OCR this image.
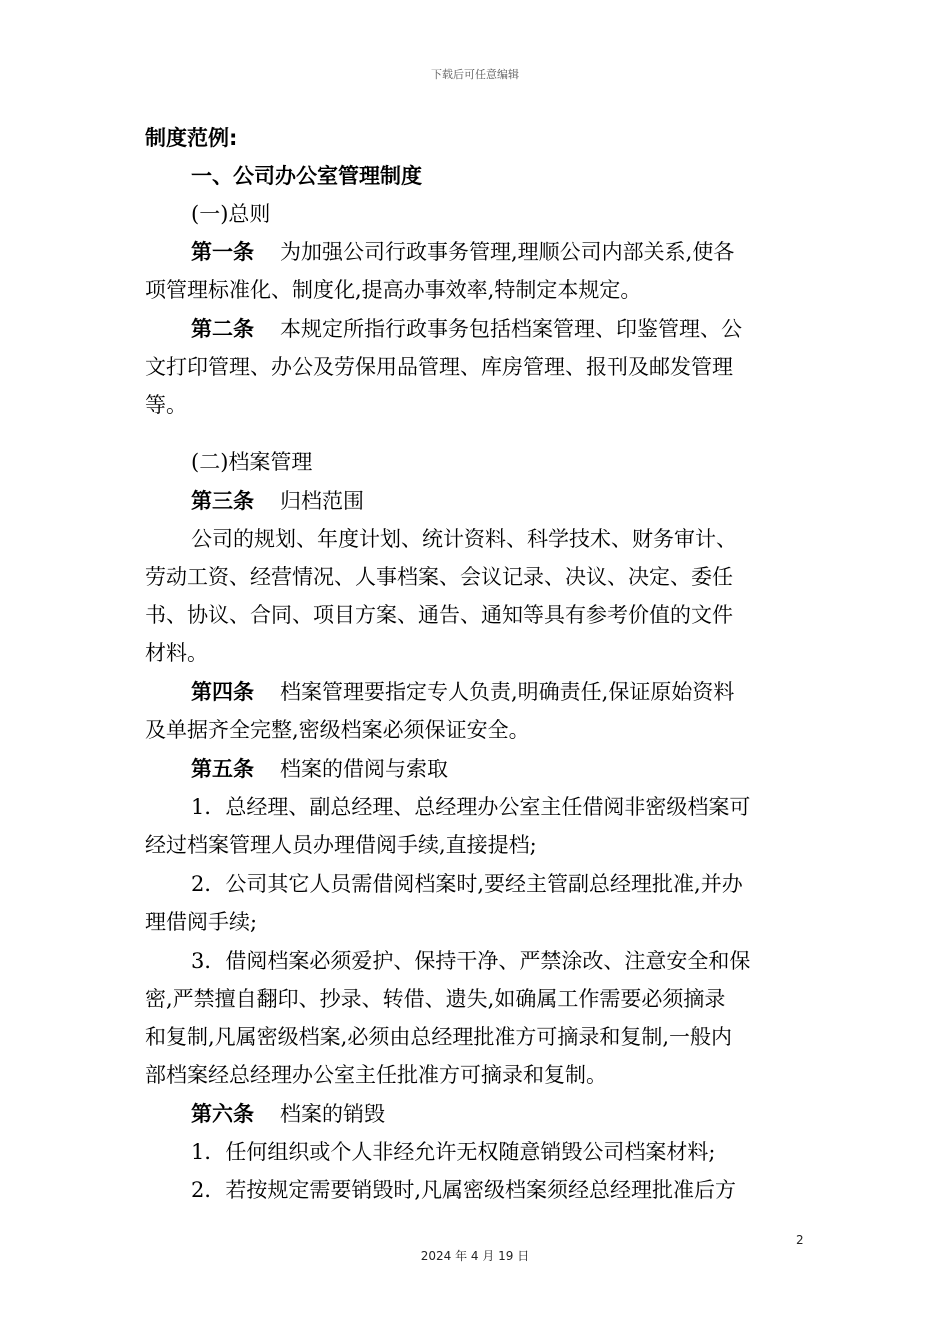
下载后可任意编辑
制度范例:
一、公司办公室管理制度
(一)总则
第一条 为加强公司行政事务管理,理顺公司内部关系,使各
项管理标准化、制度化,提高办事效率,特制定本规定。
第二条 本规定所指行政事务包括档案管理、印鉴管理、公
文打印管理、办公及劳保用品管理、库房管理、报刊及邮发管理
等。
(二)档案管理
第三条 归档范围
公司的规划、年度计划、统计资料、科学技术、财务审计、
劳动工资、经营情况、人事档案、会议记录、决议、决定、委任
书、协议、合同、项目方案、通告、通知等具有参考价值的文件
材料。
第四条 档案管理要指定专人负责,明确责任,保证原始资料
及单据齐全完整,密级档案必须保证安全。
第五条 档案的借阅与索取
1．总经理、副总经理、总经理办公室主任借阅非密级档案可
经过档案管理人员办理借阅手续,直接提档;
2．公司其它人员需借阅档案时,要经主管副总经理批准,并办
理借阅手续;
3．借阅档案必须爱护、保持干净、严禁涂改、注意安全和保
密,严禁擅自翻印、抄录、转借、遗失,如确属工作需要必须摘录
和复制,凡属密级档案,必须由总经理批准方可摘录和复制,一般内
部档案经总经理办公室主任批准方可摘录和复制。
第六条 档案的销毁
1．任何组织或个人非经允许无权随意销毁公司档案材料;
2．若按规定需要销毁时,凡属密级档案须经总经理批准后方
2
2024 年 4 月 19 日
